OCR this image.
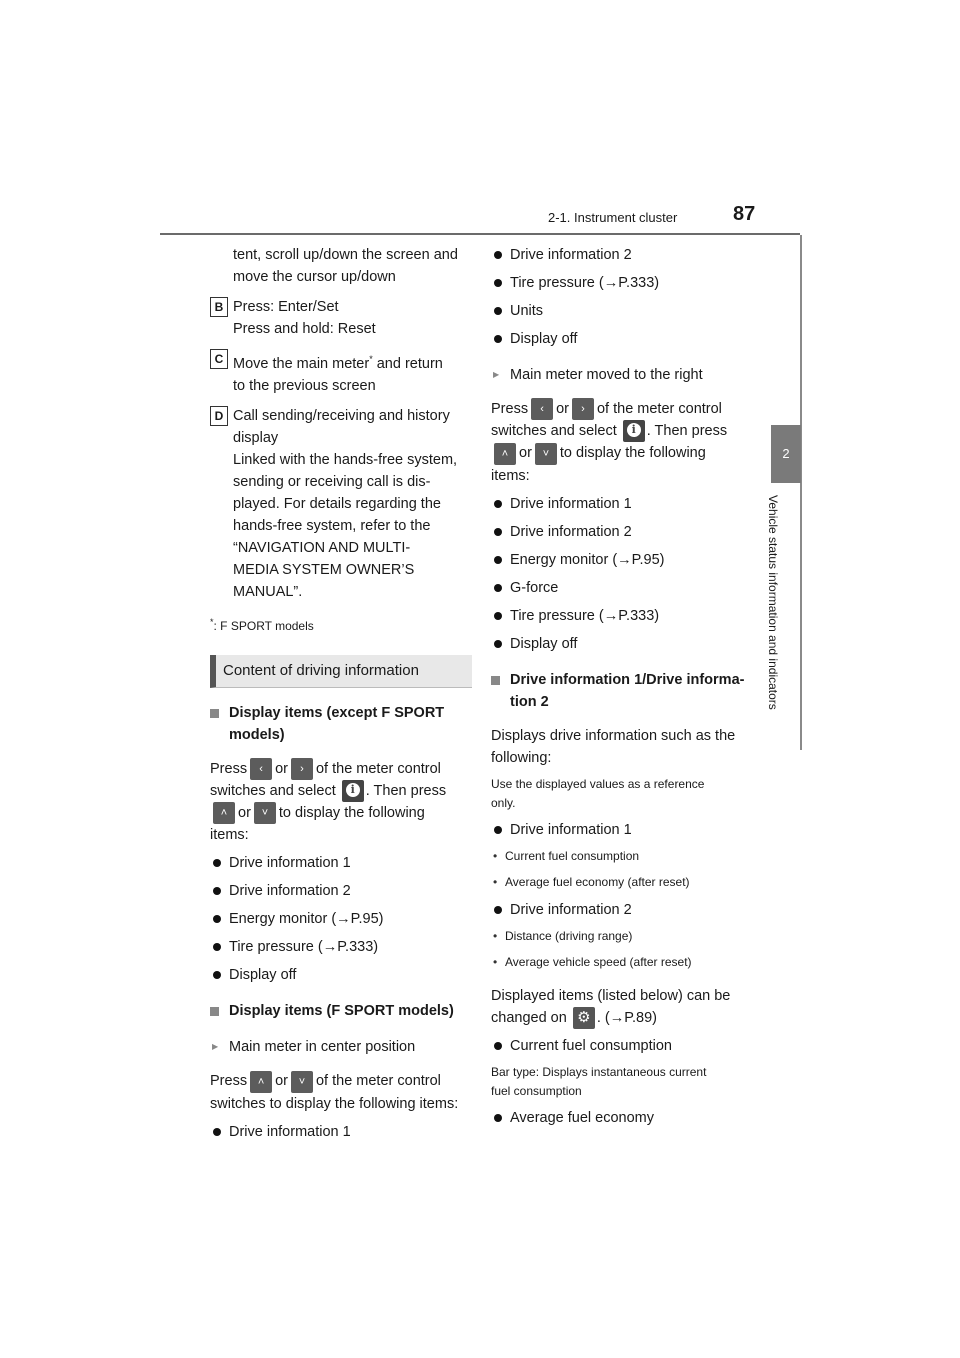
2-1. Instrument cluster	87
2
Vehicle status information and indicators

tent, scroll up/down the screen and

move the cursor up/down

B Press: Enter/Set

Press and hold: Reset

C Move the main meter* and return

to the previous screen

D Call sending/receiving and history

display

Linked with the hands-free system,

sending or receiving call is dis-

played. For details regarding the

hands-free system, refer to the

“NAVIGATION AND MULTI-

MEDIA SYSTEM OWNER’S

MANUAL”.

*: F SPORT models

Content of driving information
Display items (except F SPORT
models)

Press ‹ or › of the meter control
switches and select	i . Then press
˄ or ˅ to display the following
items:

Drive information 1
Drive information 2
Energy monitor (→P.95)
Tire pressure (→P.333)
Display off
Display items (F SPORT models)
▶ Main meter in center position

Press ˄ or ˅ of the meter control
switches to display the following items:

Drive information 1
Drive information 2
Tire pressure (→P.333)
Units
Display off
▶ Main meter moved to the right

Press ‹ or › of the meter control
switches and select	i . Then press
˄ or ˅ to display the following
items:

Drive information 1
Drive information 2
Energy monitor (→P.95)
G-force
Tire pressure (→P.333)
Display off
Drive information 1/Drive informa-
tion 2

Displays drive information such as the
following:

Use the displayed values as a reference
only.

Drive information 1
• Current fuel consumption
• Average fuel economy (after reset)
Drive information 2
• Distance (driving range)
• Average vehicle speed (after reset)

Displayed items (listed below) can be
changed on ⚙ . (→P.89)

Current fuel consumption

Bar type: Displays instantaneous current
fuel consumption

Average fuel economy
